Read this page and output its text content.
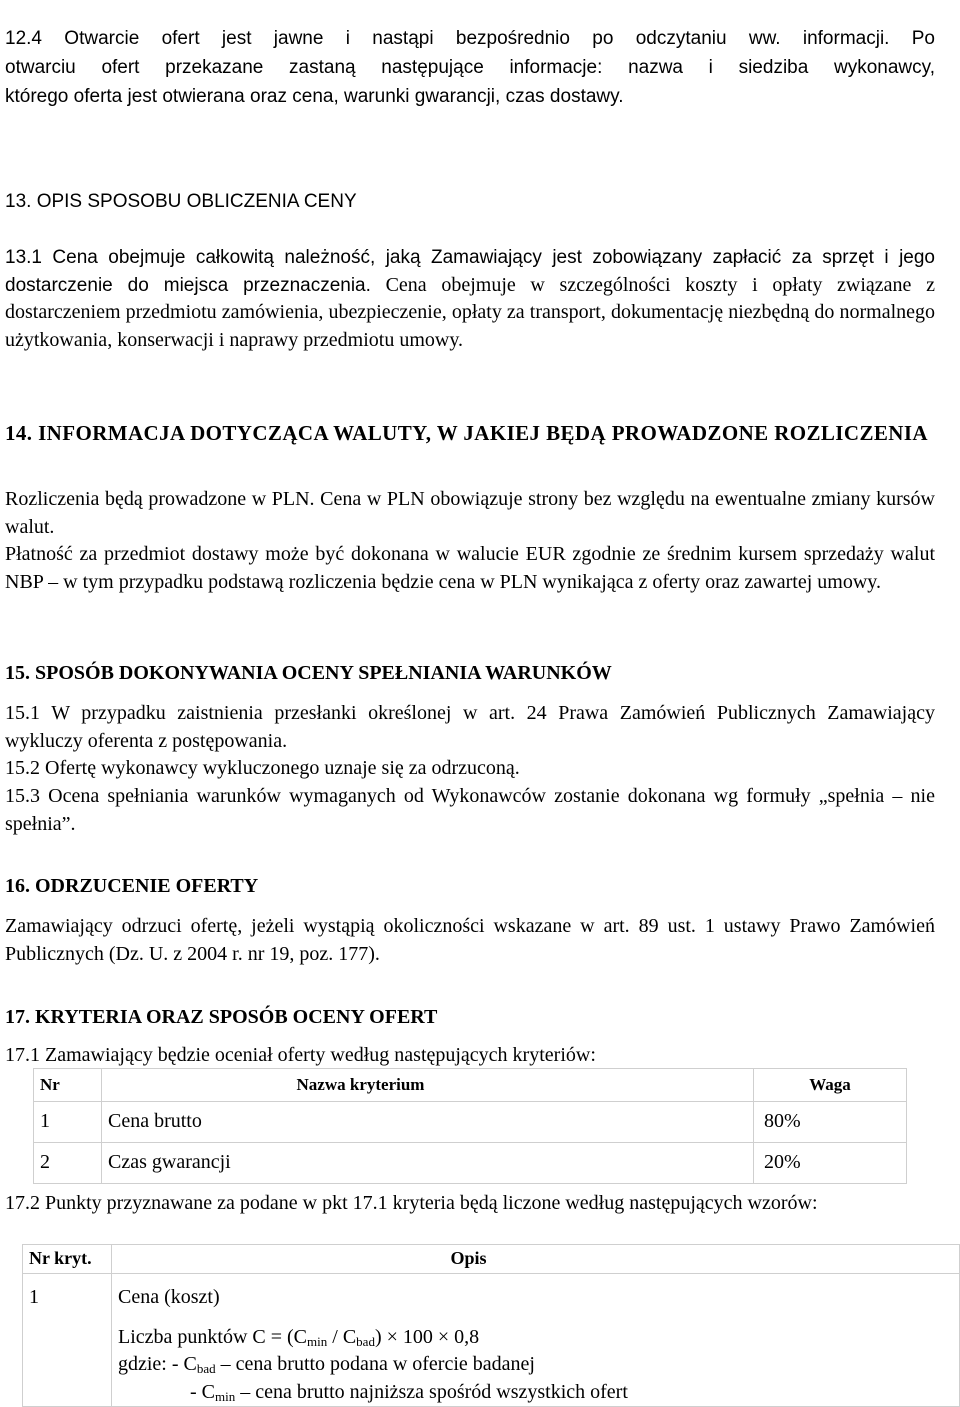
12.4 Otwarcie ofert jest jawne i nastąpi bezpośrednio po odczytaniu ww. informacji. Po
otwarciu ofert przekazane zastaną następujące informacje: nazwa i siedziba wykonawcy,
którego oferta jest otwierana oraz cena, warunki gwarancji, czas dostawy.
13. OPIS SPOSOBU OBLICZENIA CENY

13.1 Cena obejmuje całkowitą należność, jaką Zamawiający jest zobowiązany zapłacić za sprzęt i jego dostarczenie do miejsca przeznaczenia. Cena obejmuje w szczególności koszty i opłaty związane z dostarczeniem przedmiotu zamówienia, ubezpieczenie, opłaty za transport, dokumentację niezbędną do normalnego użytkowania, konserwacji i naprawy przedmiotu umowy.

14. INFORMACJA DOTYCZĄCA WALUTY, W JAKIEJ BĘDĄ PROWADZONE ROZLICZENIA

Rozliczenia będą prowadzone w PLN. Cena w PLN obowiązuje strony bez względu na ewentualne zmiany kursów walut.

Płatność za przedmiot dostawy może być dokonana w walucie EUR zgodnie ze średnim kursem sprzedaży walut NBP – w tym przypadku podstawą rozliczenia będzie cena w PLN wynikająca z oferty oraz zawartej umowy.

15. SPOSÓB DOKONYWANIA OCENY SPEŁNIANIA WARUNKÓW

15.1 W przypadku zaistnienia przesłanki określonej w art. 24 Prawa Zamówień Publicznych Zamawiający wykluczy oferenta z postępowania.

15.2 Ofertę wykonawcy wykluczonego uznaje się za odrzuconą.

15.3 Ocena spełniania warunków wymaganych od Wykonawców zostanie dokonana wg formuły „spełnia – nie spełnia”.

16. ODRZUCENIE OFERTY

Zamawiający odrzuci ofertę, jeżeli wystąpią okoliczności wskazane w art. 89 ust. 1 ustawy Prawo Zamówień Publicznych (Dz. U. z 2004 r. nr 19, poz. 177).

17. KRYTERIA ORAZ SPOSÓB OCENY OFERT

17.1 Zamawiający będzie oceniał oferty według następujących kryteriów:

Nr	Nazwa kryterium	Waga
1	Cena brutto	80%
2	Czas gwarancji	20%

17.2 Punkty przyznawane za podane w pkt 17.1 kryteria będą liczone według następujących wzorów:

Nr kryt.	Opis
1	Cena (koszt)
Liczba punktów $C = (C_{min} / C_{bad}) \times 100 \times 0,8$
gdzie: - $C_{bad}$ – cena brutto podana w ofercie badanej
- $C_{min}$ – cena brutto najniższa spośród wszystkich ofert
